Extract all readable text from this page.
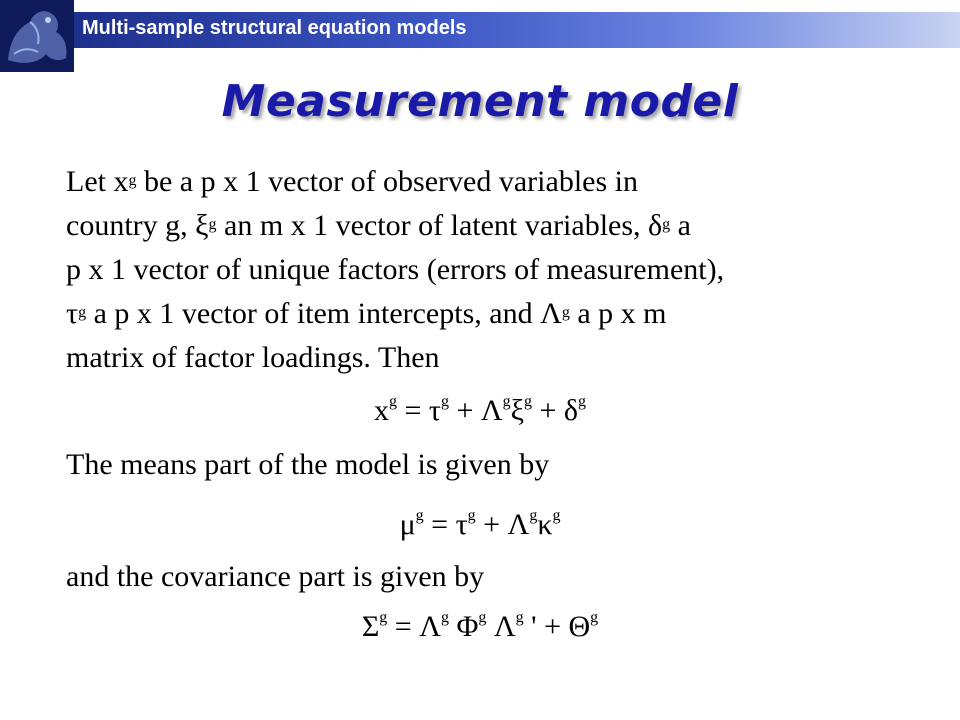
Multi-sample structural equation models
Measurement model
Let $x^g$ be a p x 1 vector of observed variables in
country g, $\xi^g$ an m x 1 vector of latent variables, $\delta^g$ a
p x 1 vector of unique factors (errors of measurement),
$\tau^g$ a p x 1 vector of item intercepts, and $\Lambda^g$ a p x m
matrix of factor loadings. Then
$x^g = \tau^g + \Lambda^g\xi^g + \delta^g$
The means part of the model is given by
$\mu^g = \tau^g + \Lambda^g\kappa^g$
and the covariance part is given by
$\Sigma^g = \Lambda^g$ $\Phi^g$ $\Lambda^g$ ' + $\Theta^g$
